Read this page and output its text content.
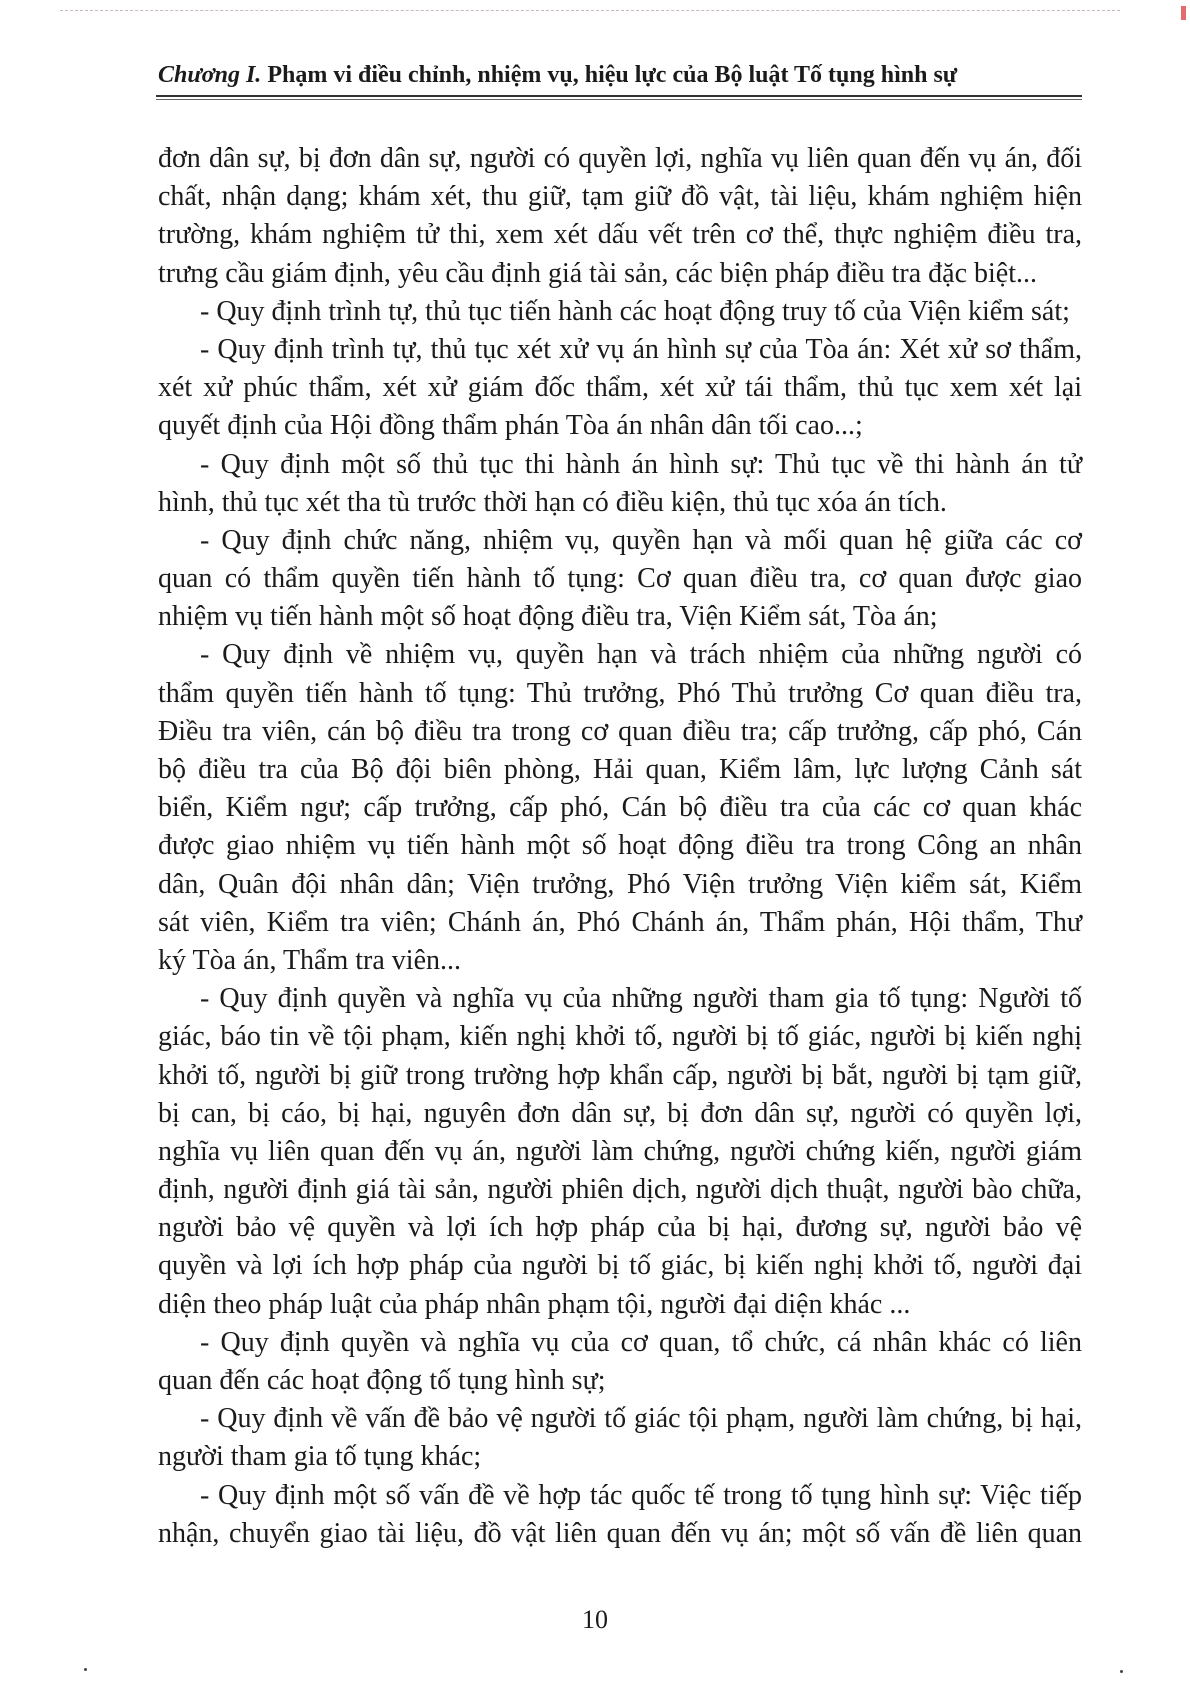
Chương I. Phạm vi điều chỉnh, nhiệm vụ, hiệu lực của Bộ luật Tố tụng hình sự
đơn dân sự, bị đơn dân sự, người có quyền lợi, nghĩa vụ liên quan đến vụ án, đối
chất, nhận dạng; khám xét, thu giữ, tạm giữ đồ vật, tài liệu, khám nghiệm hiện
trường, khám nghiệm tử thi, xem xét dấu vết trên cơ thể, thực nghiệm điều tra,
trưng cầu giám định, yêu cầu định giá tài sản, các biện pháp điều tra đặc biệt...
- Quy định trình tự, thủ tục tiến hành các hoạt động truy tố của Viện kiểm sát;
- Quy định trình tự, thủ tục xét xử vụ án hình sự của Tòa án: Xét xử sơ thẩm,
xét xử phúc thẩm, xét xử giám đốc thẩm, xét xử tái thẩm, thủ tục xem xét lại
quyết định của Hội đồng thẩm phán Tòa án nhân dân tối cao...;
- Quy định một số thủ tục thi hành án hình sự: Thủ tục về thi hành án tử
hình, thủ tục xét tha tù trước thời hạn có điều kiện, thủ tục xóa án tích.
- Quy định chức năng, nhiệm vụ, quyền hạn và mối quan hệ giữa các cơ
quan có thẩm quyền tiến hành tố tụng: Cơ quan điều tra, cơ quan được giao
nhiệm vụ tiến hành một số hoạt động điều tra, Viện Kiểm sát, Tòa án;
- Quy định về nhiệm vụ, quyền hạn và trách nhiệm của những người có
thẩm quyền tiến hành tố tụng: Thủ trưởng, Phó Thủ trưởng Cơ quan điều tra,
Điều tra viên, cán bộ điều tra trong cơ quan điều tra; cấp trưởng, cấp phó, Cán
bộ điều tra của Bộ đội biên phòng, Hải quan, Kiểm lâm, lực lượng Cảnh sát
biển, Kiểm ngư; cấp trưởng, cấp phó, Cán bộ điều tra của các cơ quan khác
được giao nhiệm vụ tiến hành một số hoạt động điều tra trong Công an nhân
dân, Quân đội nhân dân; Viện trưởng, Phó Viện trưởng Viện kiểm sát, Kiểm
sát viên, Kiểm tra viên; Chánh án, Phó Chánh án, Thẩm phán, Hội thẩm, Thư
ký Tòa án, Thẩm tra viên...
- Quy định quyền và nghĩa vụ của những người tham gia tố tụng: Người tố
giác, báo tin về tội phạm, kiến nghị khởi tố, người bị tố giác, người bị kiến nghị
khởi tố, người bị giữ trong trường hợp khẩn cấp, người bị bắt, người bị tạm giữ,
bị can, bị cáo, bị hại, nguyên đơn dân sự, bị đơn dân sự, người có quyền lợi,
nghĩa vụ liên quan đến vụ án, người làm chứng, người chứng kiến, người giám
định, người định giá tài sản, người phiên dịch, người dịch thuật, người bào chữa,
người bảo vệ quyền và lợi ích hợp pháp của bị hại, đương sự, người bảo vệ
quyền và lợi ích hợp pháp của người bị tố giác, bị kiến nghị khởi tố, người đại
diện theo pháp luật của pháp nhân phạm tội, người đại diện khác ...
- Quy định quyền và nghĩa vụ của cơ quan, tổ chức, cá nhân khác có liên
quan đến các hoạt động tố tụng hình sự;
- Quy định về vấn đề bảo vệ người tố giác tội phạm, người làm chứng, bị hại,
người tham gia tố tụng khác;
- Quy định một số vấn đề về hợp tác quốc tế trong tố tụng hình sự: Việc tiếp
nhận, chuyển giao tài liệu, đồ vật liên quan đến vụ án; một số vấn đề liên quan
10
